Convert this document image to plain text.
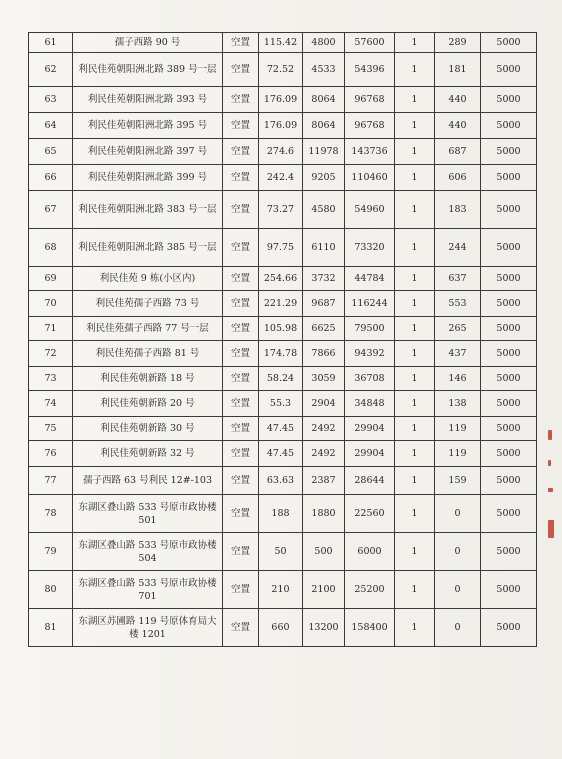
61	孺子西路 90 号	空置	115.42	4800	57600	1	289	5000
62	利民佳苑朝阳洲北路 389 号一层	空置	72.52	4533	54396	1	181	5000
63	利民佳苑朝阳洲北路 393 号	空置	176.09	8064	96768	1	440	5000
64	利民佳苑朝阳洲北路 395 号	空置	176.09	8064	96768	1	440	5000
65	利民佳苑朝阳洲北路 397 号	空置	274.6	11978	143736	1	687	5000
66	利民佳苑朝阳洲北路 399 号	空置	242.4	9205	110460	1	606	5000
67	利民佳苑朝阳洲北路 383 号一层	空置	73.27	4580	54960	1	183	5000
68	利民佳苑朝阳洲北路 385 号一层	空置	97.75	6110	73320	1	244	5000
69	利民佳苑 9 栋(小区内)	空置	254.66	3732	44784	1	637	5000
70	利民佳苑孺子西路 73 号	空置	221.29	9687	116244	1	553	5000
71	利民佳苑孺子西路 77 号一层	空置	105.98	6625	79500	1	265	5000
72	利民佳苑孺子西路 81 号	空置	174.78	7866	94392	1	437	5000
73	利民佳苑朝新路 18 号	空置	58.24	3059	36708	1	146	5000
74	利民佳苑朝新路 20 号	空置	55.3	2904	34848	1	138	5000
75	利民佳苑朝新路 30 号	空置	47.45	2492	29904	1	119	5000
76	利民佳苑朝新路 32 号	空置	47.45	2492	29904	1	119	5000
77	孺子西路 63 号利民 12#-103	空置	63.63	2387	28644	1	159	5000
78	东湖区叠山路 533 号原市政协楼 501	空置	188	1880	22560	1	0	5000
79	东湖区叠山路 533 号原市政协楼 504	空置	50	500	6000	1	0	5000
80	东湖区叠山路 533 号原市政协楼 701	空置	210	2100	25200	1	0	5000
81	东湖区苏圃路 119 号原体育局大楼 1201	空置	660	13200	158400	1	0	5000
